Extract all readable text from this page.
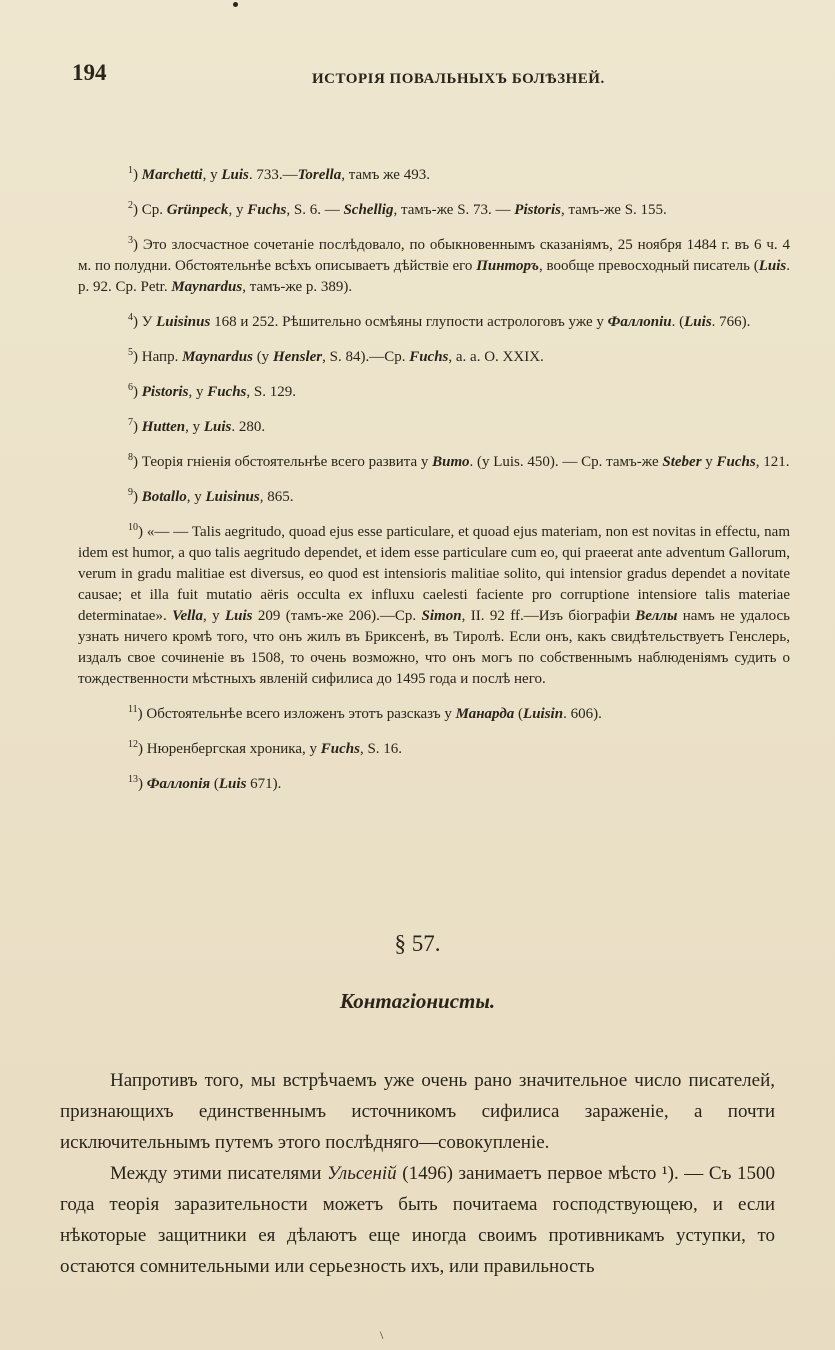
194	ИСТОРІЯ ПОВАЛЬНЫХЪ БОЛѢЗНЕЙ.

$^1$) Marchetti, у Luis. 733.—Torella, тамъ же 493.

$^2$) Ср. Grünpeck, у Fuchs, S. 6. — Schellig, тамъ-же S. 73. — Pistoris, тамъ-же S. 155.

$^3$) Это злосчастное сочетаніе послѣдовало, по обыкновеннымъ сказаніямъ, 25 ноября 1484 г. въ 6 ч. 4 м. по полудни. Обстоятельнѣе всѣхъ описываетъ дѣйствіе его Пинторъ, вообще превосходный писатель (Luis. p. 92. Ср. Petr. Maynardus, тамъ-же p. 389).

$^4$) У Luisinus 168 и 252. Рѣшительно осмѣяны глупости астрологовъ уже у Фаллопіи. (Luis. 766).

$^5$) Напр. Maynardus (у Hensler, S. 84).—Ср. Fuchs, a. a. O. XXIX.

$^6$) Pistoris, у Fuchs, S. 129.

$^7$) Hutten, у Luis. 280.

$^8$) Теорія гніенія обстоятельнѣе всего развита у Вито. (у Luis. 450). — Ср. тамъ-же Steber у Fuchs, 121.

$^9$) Botallo, у Luisinus, 865.

$^{10}$) «— — Talis aegritudo, quoad ejus esse particulare, et quoad ejus materiam, non est novitas in effectu, nam idem est humor, a quo talis aegritudo dependet, et idem esse particulare cum eo, qui praeerat ante adventum Gallorum, verum in gradu malitiae est diversus, eo quod est intensioris malitiae solito, qui intensior gradus dependet a novitate causae; et illa fuit mutatio aëris occulta ex influxu caelesti faciente pro corruptione intensiore talis materiae determinatae». Vella, у Luis 209 (тамъ-же 206).—Ср. Simon, II. 92 ff.—Изъ біографіи Веллы намъ не удалось узнать ничего кромѣ того, что онъ жилъ въ Бриксенѣ, въ Тиролѣ. Если онъ, какъ свидѣтельствуетъ Генслерь, издалъ свое сочиненіе въ 1508, то очень возможно, что онъ могъ по собственнымъ наблюденіямъ судить о тождественности мѣстныхъ явленій сифилиса до 1495 года и послѣ него.

$^{11}$) Обстоятельнѣе всего изложенъ этотъ разсказъ у Манарда (Luisin. 606).

$^{12}$) Нюренбергская хроника, у Fuchs, S. 16.

$^{13}$) Фаллопія (Luis 671).

§ 57.
Контагіонисты.

Напротивъ того, мы встрѣчаемъ уже очень рано значительное число писателей, признающихъ единственнымъ источникомъ сифилиса зараженіе, а почти исключительнымъ путемъ этого послѣдняго—совокупленіе.

Между этими писателями Ульсеній (1496) занимаетъ первое мѣсто ¹). — Съ 1500 года теорія заразительности можетъ быть почитаема господствующею, и если нѣкоторые защитники ея дѣлаютъ еще иногда своимъ противникамъ уступки, то остаются сомнительными или серьезность ихъ, или правильность

\
